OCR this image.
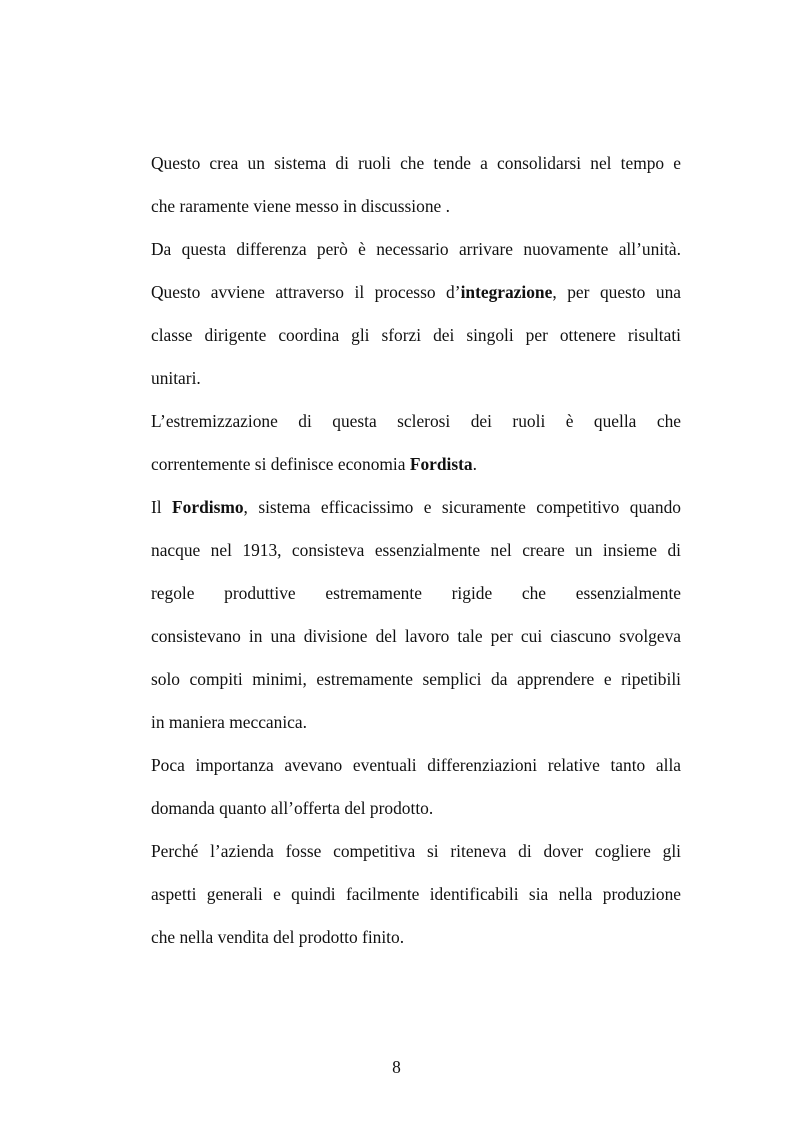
Questo crea un sistema di ruoli che tende a consolidarsi nel tempo e
che raramente viene messo in discussione .
Da questa differenza però è necessario arrivare nuovamente all’unità.
Questo avviene attraverso il processo d’integrazione, per questo una
classe dirigente coordina gli sforzi dei singoli per ottenere risultati
unitari.
L’estremizzazione di questa sclerosi dei ruoli è quella che
correntemente si definisce economia Fordista.
Il Fordismo, sistema efficacissimo e sicuramente competitivo quando
nacque nel 1913, consisteva essenzialmente nel creare un insieme di
regole produttive estremamente rigide che essenzialmente
consistevano in una divisione del lavoro tale per cui ciascuno svolgeva
solo compiti minimi, estremamente semplici da apprendere e ripetibili
in maniera meccanica.
Poca importanza avevano eventuali differenziazioni relative tanto alla
domanda quanto all’offerta del prodotto.
Perché l’azienda fosse competitiva si riteneva di dover cogliere gli
aspetti generali e quindi facilmente identificabili sia nella produzione
che nella vendita del prodotto finito.
8
